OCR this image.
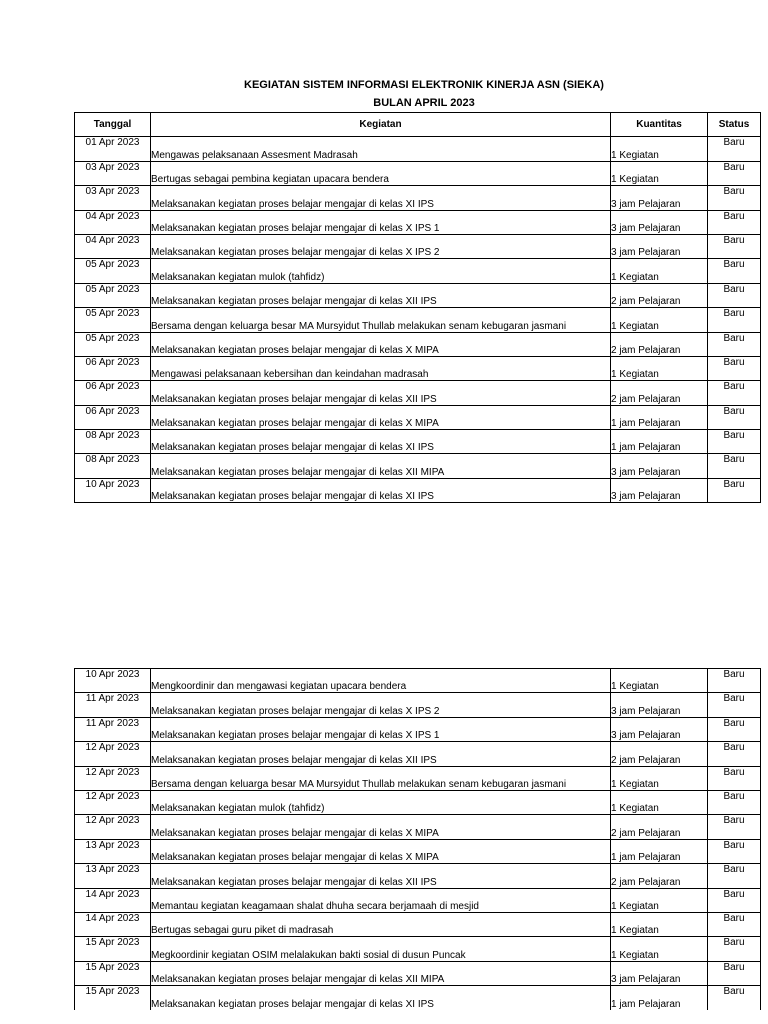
KEGIATAN SISTEM INFORMASI ELEKTRONIK KINERJA ASN (SIEKA)
BULAN APRIL 2023
Tanggal	Kegiatan	Kuantitas	Status
01 Apr 2023	Mengawas pelaksanaan Assesment Madrasah	1 Kegiatan	Baru
03 Apr 2023	Bertugas sebagai pembina kegiatan upacara bendera	1 Kegiatan	Baru
03 Apr 2023	Melaksanakan kegiatan proses belajar mengajar di kelas XI IPS	3 jam Pelajaran	Baru
04 Apr 2023	Melaksanakan kegiatan proses belajar mengajar di kelas X IPS 1	3 jam Pelajaran	Baru
04 Apr 2023	Melaksanakan kegiatan proses belajar mengajar di kelas X IPS 2	3 jam Pelajaran	Baru
05 Apr 2023	Melaksanakan kegiatan mulok (tahfidz)	1 Kegiatan	Baru
05 Apr 2023	Melaksanakan kegiatan proses belajar mengajar di kelas XII IPS	2 jam Pelajaran	Baru
05 Apr 2023	Bersama dengan keluarga besar MA Mursyidut Thullab melakukan senam kebugaran jasmani	1 Kegiatan	Baru
05 Apr 2023	Melaksanakan kegiatan proses belajar mengajar di kelas X MIPA	2 jam Pelajaran	Baru
06 Apr 2023	Mengawasi pelaksanaan kebersihan dan keindahan madrasah	1 Kegiatan	Baru
06 Apr 2023	Melaksanakan kegiatan proses belajar mengajar di kelas XII IPS	2 jam Pelajaran	Baru
06 Apr 2023	Melaksanakan kegiatan proses belajar mengajar di kelas X MIPA	1 jam Pelajaran	Baru
08 Apr 2023	Melaksanakan kegiatan proses belajar mengajar di kelas XI IPS	1 jam Pelajaran	Baru
08 Apr 2023	Melaksanakan kegiatan proses belajar mengajar di kelas XII MIPA	3 jam Pelajaran	Baru
10 Apr 2023	Melaksanakan kegiatan proses belajar mengajar di kelas XI IPS	3 jam Pelajaran	Baru
10 Apr 2023	Mengkoordinir dan mengawasi kegiatan upacara bendera	1 Kegiatan	Baru
11 Apr 2023	Melaksanakan kegiatan proses belajar mengajar di kelas X IPS 2	3 jam Pelajaran	Baru
11 Apr 2023	Melaksanakan kegiatan proses belajar mengajar di kelas X IPS 1	3 jam Pelajaran	Baru
12 Apr 2023	Melaksanakan kegiatan proses belajar mengajar di kelas XII IPS	2 jam Pelajaran	Baru
12 Apr 2023	Bersama dengan keluarga besar MA Mursyidut Thullab melakukan senam kebugaran jasmani	1 Kegiatan	Baru
12 Apr 2023	Melaksanakan kegiatan mulok (tahfidz)	1 Kegiatan	Baru
12 Apr 2023	Melaksanakan kegiatan proses belajar mengajar di kelas X MIPA	2 jam Pelajaran	Baru
13 Apr 2023	Melaksanakan kegiatan proses belajar mengajar di kelas X MIPA	1 jam Pelajaran	Baru
13 Apr 2023	Melaksanakan kegiatan proses belajar mengajar di kelas XII IPS	2 jam Pelajaran	Baru
14 Apr 2023	Memantau kegiatan keagamaan shalat dhuha secara berjamaah di mesjid	1 Kegiatan	Baru
14 Apr 2023	Bertugas sebagai guru piket di madrasah	1 Kegiatan	Baru
15 Apr 2023	Megkoordinir kegiatan OSIM melalakukan bakti sosial di dusun Puncak	1 Kegiatan	Baru
15 Apr 2023	Melaksanakan kegiatan proses belajar mengajar di kelas XII MIPA	3 jam Pelajaran	Baru
15 Apr 2023	Melaksanakan kegiatan proses belajar mengajar di kelas XI IPS	1 jam Pelajaran	Baru
